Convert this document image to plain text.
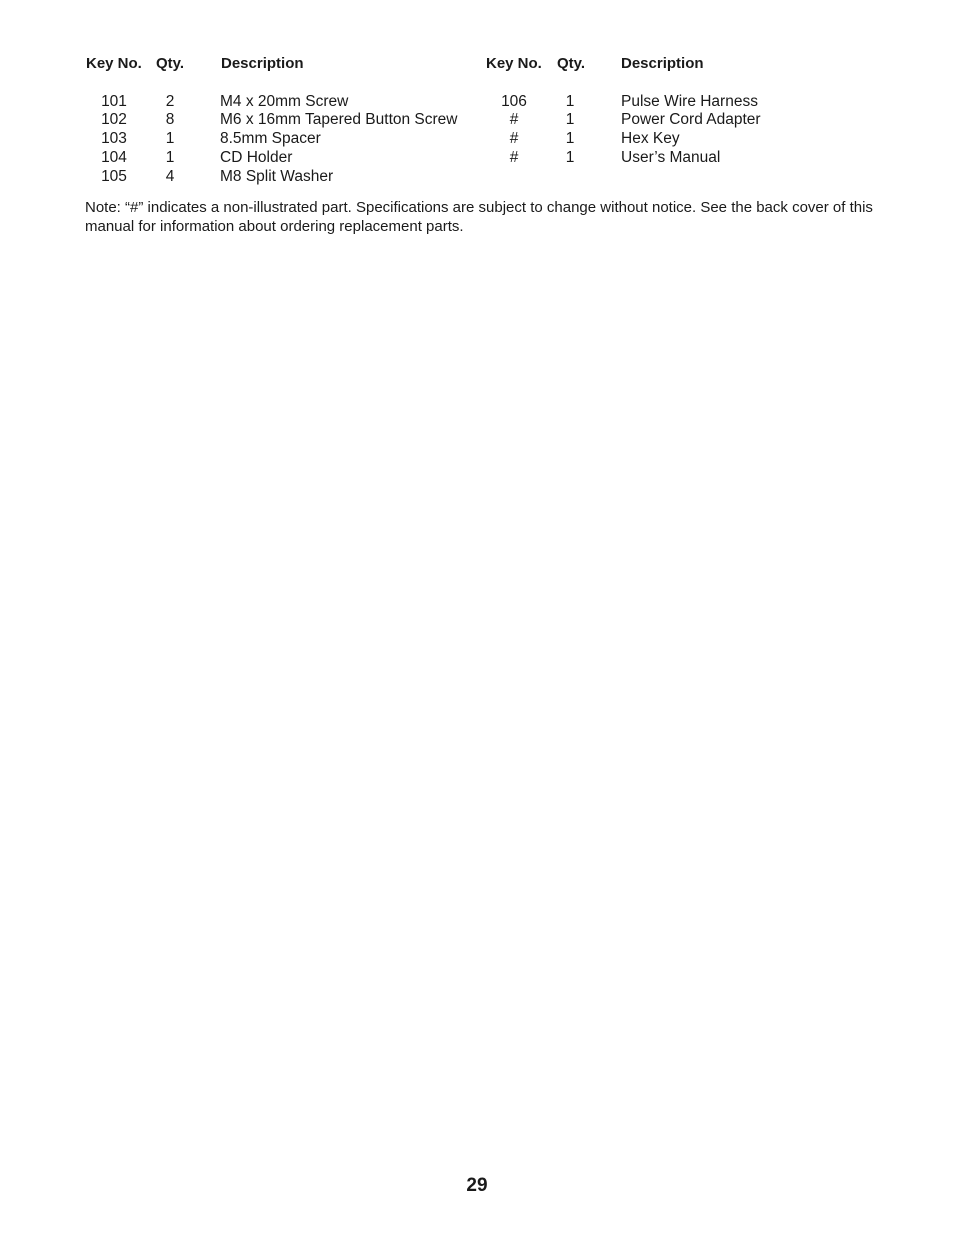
Key No. Qty. Description	Key No. Qty. Description
101	2	M4 x 20mm Screw
102	8	M6 x 16mm Tapered Button Screw
103	1	8.5mm Spacer
104	1	CD Holder
105	4	M8 Split Washer
106	1	Pulse Wire Harness
#	1	Power Cord Adapter
#	1	Hex Key
#	1	User’s Manual
Note: “#” indicates a non-illustrated part. Specifications are subject to change without notice. See the back cover of this manual for information about ordering replacement parts.
29
